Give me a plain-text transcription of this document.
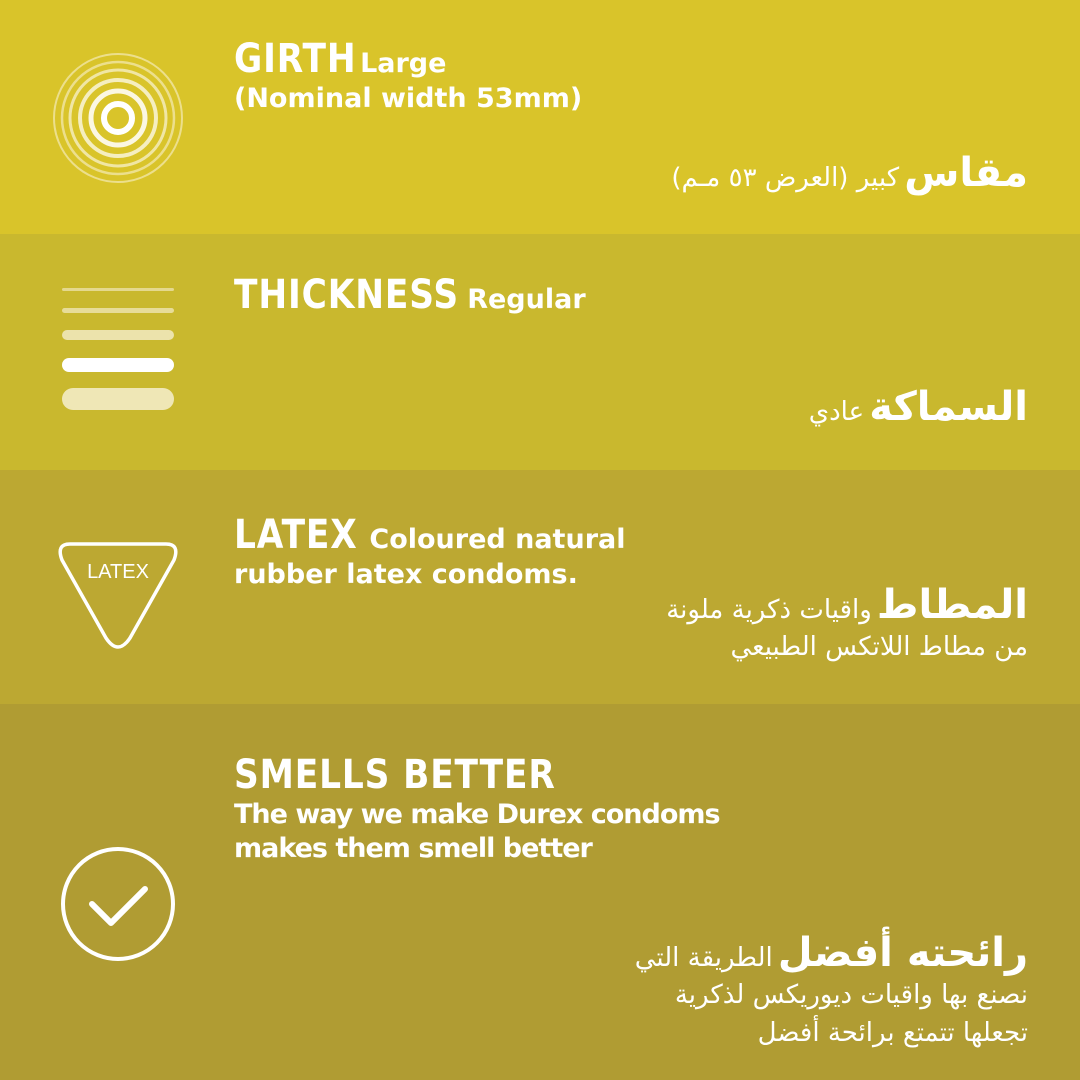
GIRTH Large
(Nominal width 53mm)
مقاس كبير (العرض ٥٣ مـم)
THICKNESS Regular
السماكة عادي
LATEX
LATEX Coloured natural
rubber latex condoms.
المطاط واقيات ذكرية ملونة
من مطاط اللاتكس الطبيعي
SMELLS BETTER
The way we make Durex condoms
makes them smell better
رائحته أفضل الطريقة التي
نصنع بها واقيات ديوريكس لذكرية
تجعلها تتمتع برائحة أفضل
